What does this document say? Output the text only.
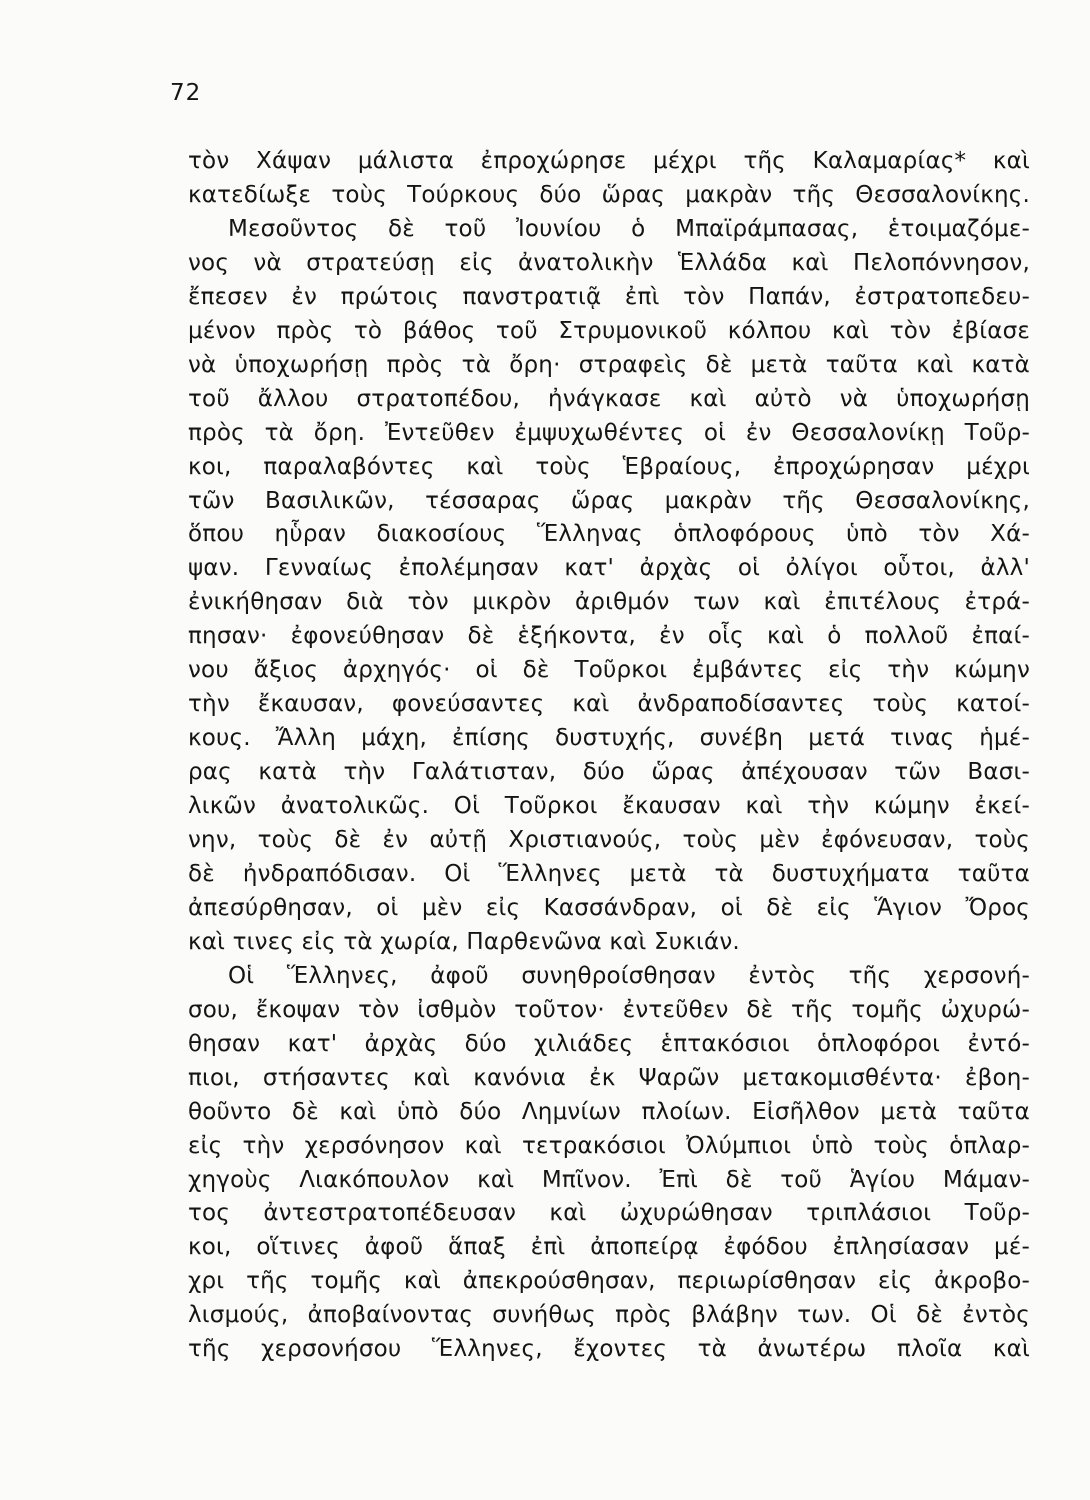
72
τὸν Χάψαν μάλιστα ἐπροχώρησε μέχρι τῆς Καλαμαρίας* καὶ
κατεδίωξε τοὺς Τούρκους δύο ὥρας μακρὰν τῆς Θεσσαλονίκης.
Μεσοῦντος δὲ τοῦ Ἰουνίου ὁ Μπαϊράμπασας, ἑτοιμαζόμε-
νος νὰ στρατεύσῃ εἰς ἀνατολικὴν Ἑλλάδα καὶ Πελοπόννησον,
ἔπεσεν ἐν πρώτοις πανστρατιᾷ ἐπὶ τὸν Παπάν, ἐστρατοπεδευ-
μένον πρὸς τὸ βάθος τοῦ Στρυμονικοῦ κόλπου καὶ τὸν ἐβίασε
νὰ ὑποχωρήσῃ πρὸς τὰ ὄρη· στραφεὶς δὲ μετὰ ταῦτα καὶ κατὰ
τοῦ ἄλλου στρατοπέδου, ἠνάγκασε καὶ αὐτὸ νὰ ὑποχωρήσῃ
πρὸς τὰ ὄρη. Ἐντεῦθεν ἐμψυχωθέντες οἱ ἐν Θεσσαλονίκῃ Τοῦρ-
κοι, παραλαβόντες καὶ τοὺς Ἑβραίους, ἐπροχώρησαν μέχρι
τῶν Βασιλικῶν, τέσσαρας ὥρας μακρὰν τῆς Θεσσαλονίκης,
ὅπου ηὗραν διακοσίους Ἕλληνας ὁπλοφόρους ὑπὸ τὸν Χά-
ψαν. Γενναίως ἐπολέμησαν κατ' ἀρχὰς οἱ ὀλίγοι οὗτοι, ἀλλ'
ἐνικήθησαν διὰ τὸν μικρὸν ἀριθμόν των καὶ ἐπιτέλους ἐτρά-
πησαν· ἐφονεύθησαν δὲ ἑξήκοντα, ἐν οἷς καὶ ὁ πολλοῦ ἐπαί-
νου ἄξιος ἀρχηγός· οἱ δὲ Τοῦρκοι ἐμβάντες εἰς τὴν κώμην
τὴν ἔκαυσαν, φονεύσαντες καὶ ἀνδραποδίσαντες τοὺς κατοί-
κους. Ἄλλη μάχη, ἐπίσης δυστυχής, συνέβη μετά τινας ἡμέ-
ρας κατὰ τὴν Γαλάτισταν, δύο ὥρας ἀπέχουσαν τῶν Βασι-
λικῶν ἀνατολικῶς. Οἱ Τοῦρκοι ἔκαυσαν καὶ τὴν κώμην ἐκεί-
νην, τοὺς δὲ ἐν αὐτῇ Χριστιανούς, τοὺς μὲν ἐφόνευσαν, τοὺς
δὲ ἠνδραπόδισαν. Οἱ Ἕλληνες μετὰ τὰ δυστυχήματα ταῦτα
ἀπεσύρθησαν, οἱ μὲν εἰς Κασσάνδραν, οἱ δὲ εἰς Ἅγιον Ὄρος
καὶ τινες εἰς τὰ χωρία, Παρθενῶνα καὶ Συκιάν.
Οἱ Ἕλληνες, ἀφοῦ συνηθροίσθησαν ἐντὸς τῆς χερσονή-
σου, ἔκοψαν τὸν ἰσθμὸν τοῦτον· ἐντεῦθεν δὲ τῆς τομῆς ὠχυρώ-
θησαν κατ' ἀρχὰς δύο χιλιάδες ἑπτακόσιοι ὁπλοφόροι ἐντό-
πιοι, στήσαντες καὶ κανόνια ἐκ Ψαρῶν μετακομισθέντα· ἐβοη-
θοῦντο δὲ καὶ ὑπὸ δύο Λημνίων πλοίων. Εἰσῆλθον μετὰ ταῦτα
εἰς τὴν χερσόνησον καὶ τετρακόσιοι Ὀλύμπιοι ὑπὸ τοὺς ὁπλαρ-
χηγοὺς Λιακόπουλον καὶ Μπῖνον. Ἐπὶ δὲ τοῦ Ἁγίου Μάμαν-
τος ἀντεστρατοπέδευσαν καὶ ὠχυρώθησαν τριπλάσιοι Τοῦρ-
κοι, οἵτινες ἀφοῦ ἅπαξ ἐπὶ ἀποπείρᾳ ἐφόδου ἐπλησίασαν μέ-
χρι τῆς τομῆς καὶ ἀπεκρούσθησαν, περιωρίσθησαν εἰς ἀκροβο-
λισμούς, ἀποβαίνοντας συνήθως πρὸς βλάβην των. Οἱ δὲ ἐντὸς
τῆς χερσονήσου Ἕλληνες, ἔχοντες τὰ ἀνωτέρω πλοῖα καὶ
